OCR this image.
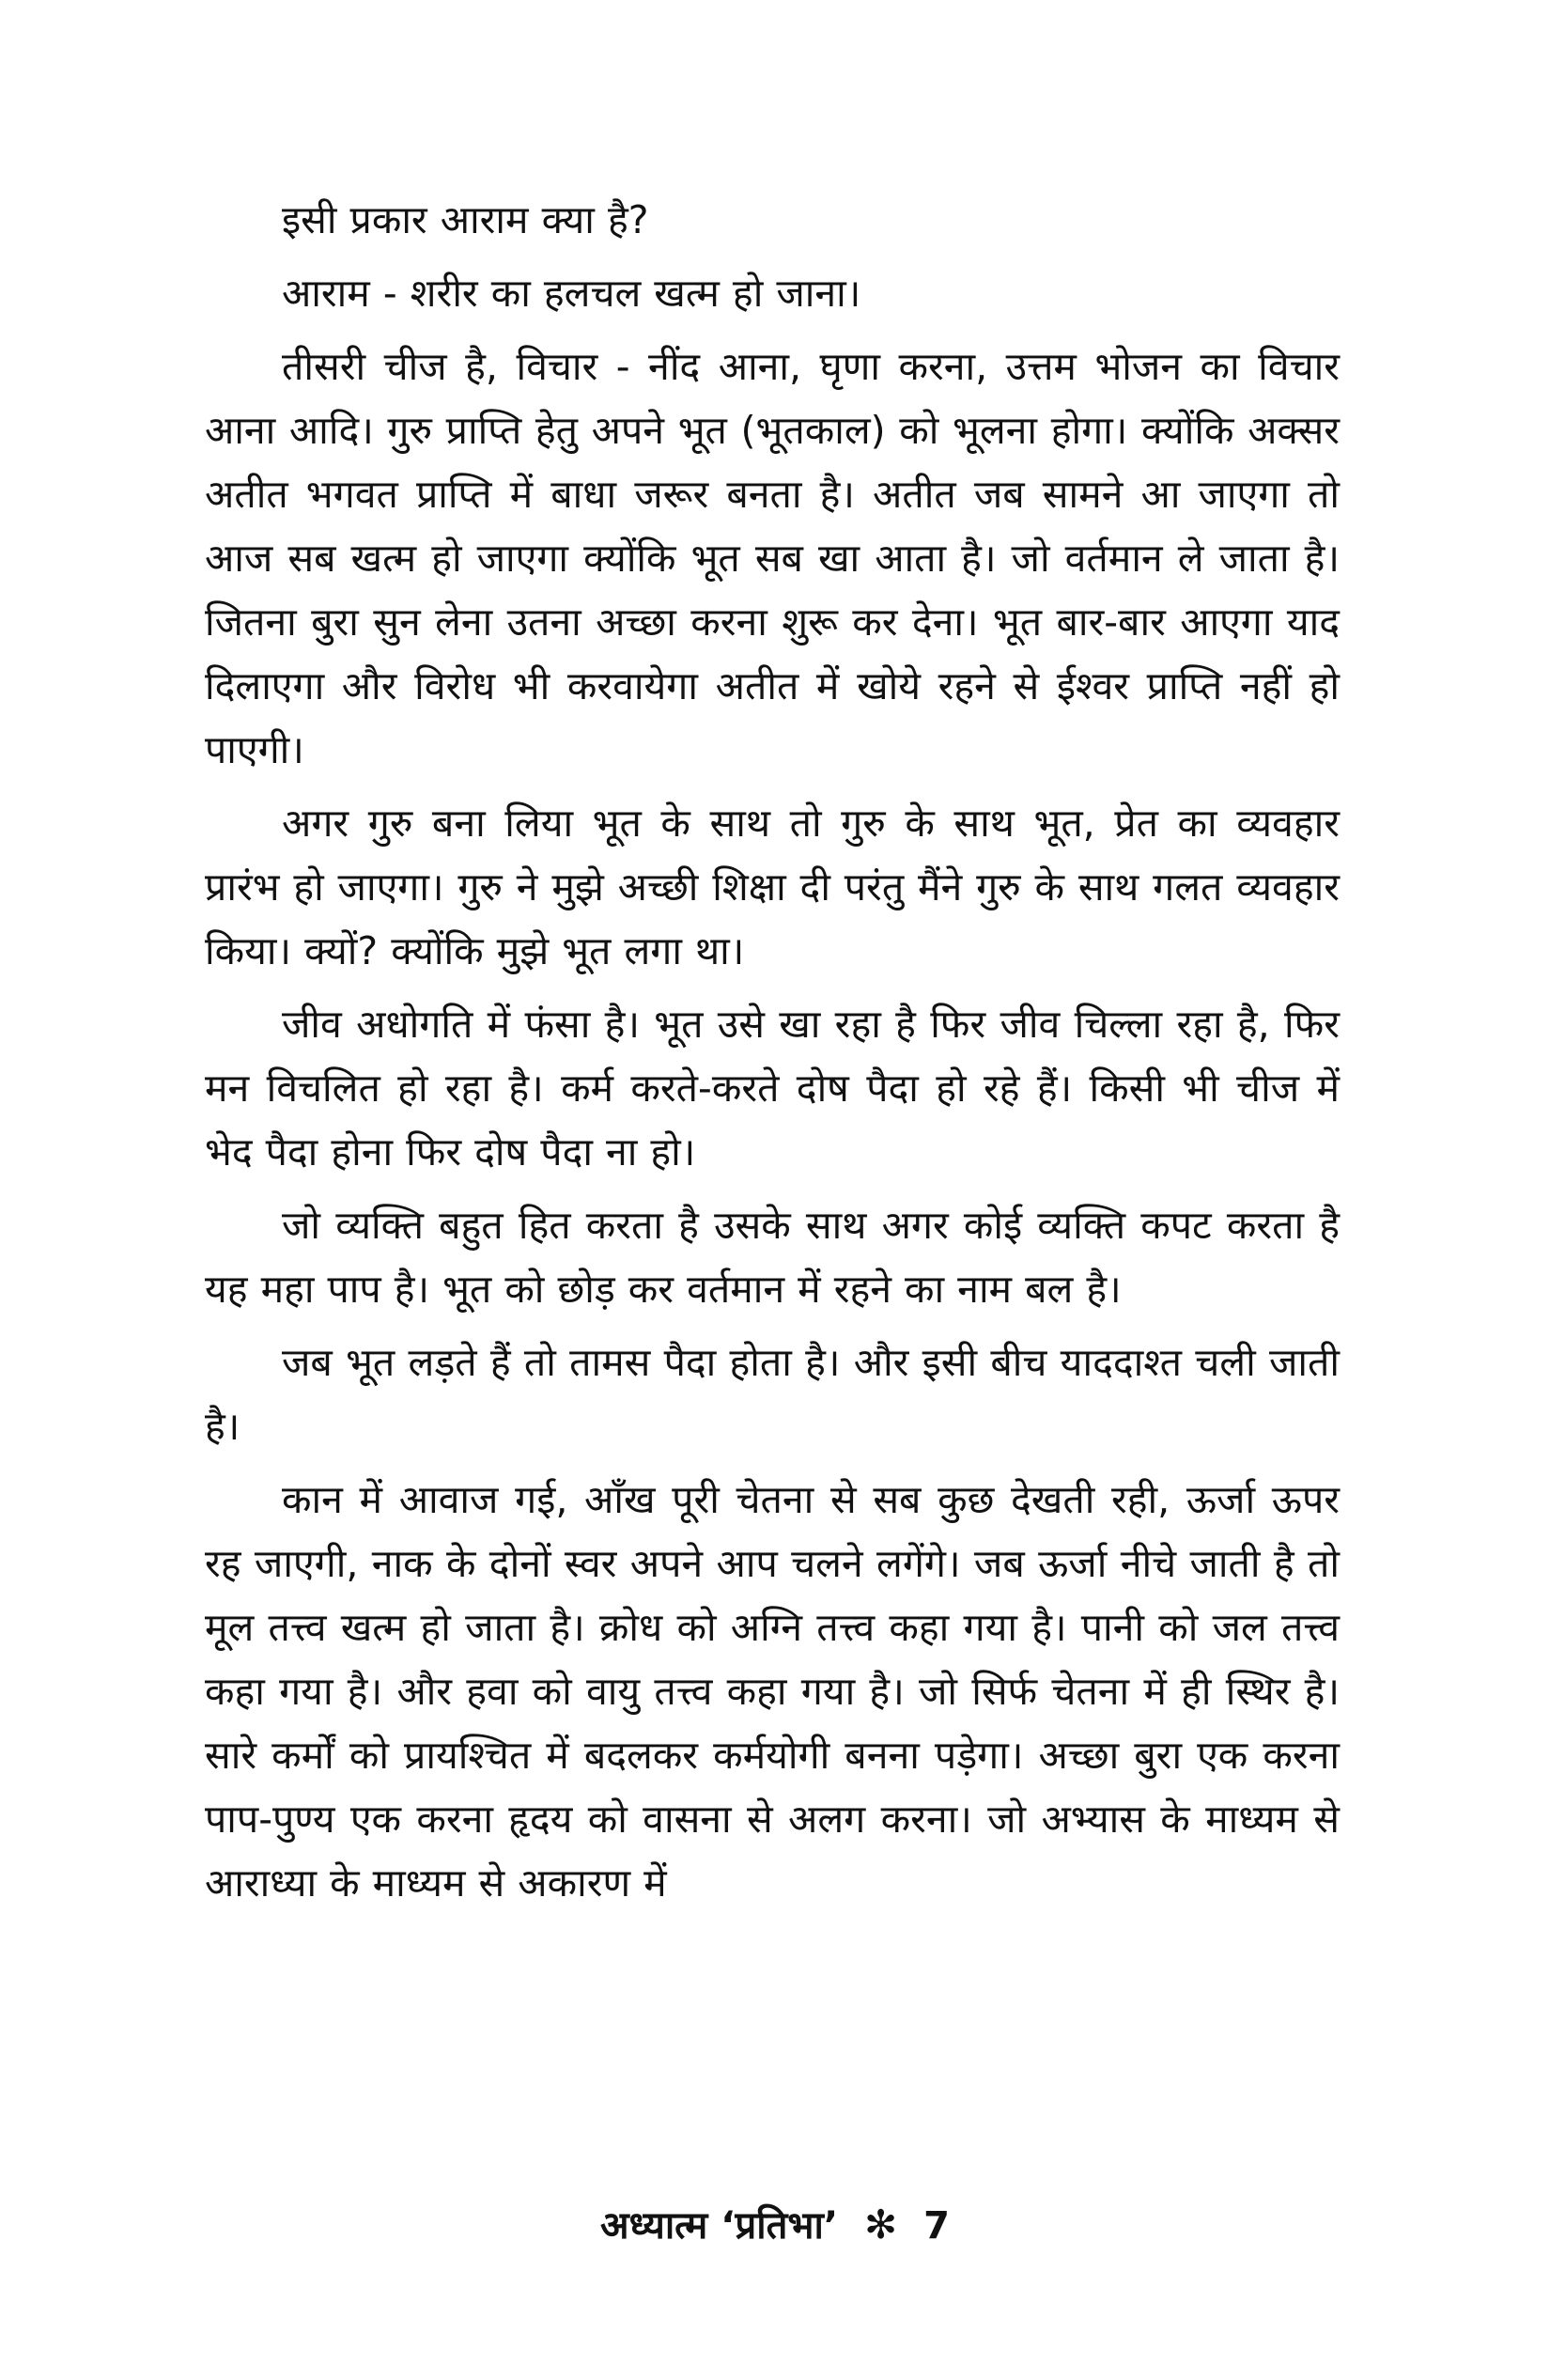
इसी प्रकार आराम क्या है?

आराम - शरीर का हलचल खत्म हो जाना।

तीसरी चीज है, विचार - नींद आना, घृणा करना, उत्तम भोजन का विचार आना आदि। गुरु प्राप्ति हेतु अपने भूत (भूतकाल) को भूलना होगा। क्योंकि अक्सर अतीत भगवत प्राप्ति में बाधा जरूर बनता है। अतीत जब सामने आ जाएगा तो आज सब खत्म हो जाएगा क्योंकि भूत सब खा आता है। जो वर्तमान ले जाता है। जितना बुरा सुन लेना उतना अच्छा करना शुरू कर देना। भूत बार-बार आएगा याद दिलाएगा और विरोध भी करवायेगा अतीत में खोये रहने से ईश्वर प्राप्ति नहीं हो पाएगी।

अगर गुरु बना लिया भूत के साथ तो गुरु के साथ भूत, प्रेत का व्यवहार प्रारंभ हो जाएगा। गुरु ने मुझे अच्छी शिक्षा दी परंतु मैंने गुरु के साथ गलत व्यवहार किया। क्यों? क्योंकि मुझे भूत लगा था।

जीव अधोगति में फंसा है। भूत उसे खा रहा है फिर जीव चिल्ला रहा है, फिर मन विचलित हो रहा है। कर्म करते-करते दोष पैदा हो रहे हैं। किसी भी चीज में भेद पैदा होना फिर दोष पैदा ना हो।

जो व्यक्ति बहुत हित करता है उसके साथ अगर कोई व्यक्ति कपट करता है यह महा पाप है। भूत को छोड़ कर वर्तमान में रहने का नाम बल है।

जब भूत लड़ते हैं तो तामस पैदा होता है। और इसी बीच याददाश्त चली जाती है।

कान में आवाज गई, आँख पूरी चेतना से सब कुछ देखती रही, ऊर्जा ऊपर रह जाएगी, नाक के दोनों स्वर अपने आप चलने लगेंगे। जब ऊर्जा नीचे जाती है तो मूल तत्त्व खत्म हो जाता है। क्रोध को अग्नि तत्त्व कहा गया है। पानी को जल तत्त्व कहा गया है। और हवा को वायु तत्त्व कहा गया है। जो सिर्फ चेतना में ही स्थिर है। सारे कर्मों को प्रायश्चित में बदलकर कर्मयोगी बनना पड़ेगा। अच्छा बुरा एक करना पाप-पुण्य एक करना हृदय को वासना से अलग करना। जो अभ्यास के माध्यम से आराध्या के माध्यम से अकारण में

अध्यात्म ‘प्रतिभा’ ✻ 7
